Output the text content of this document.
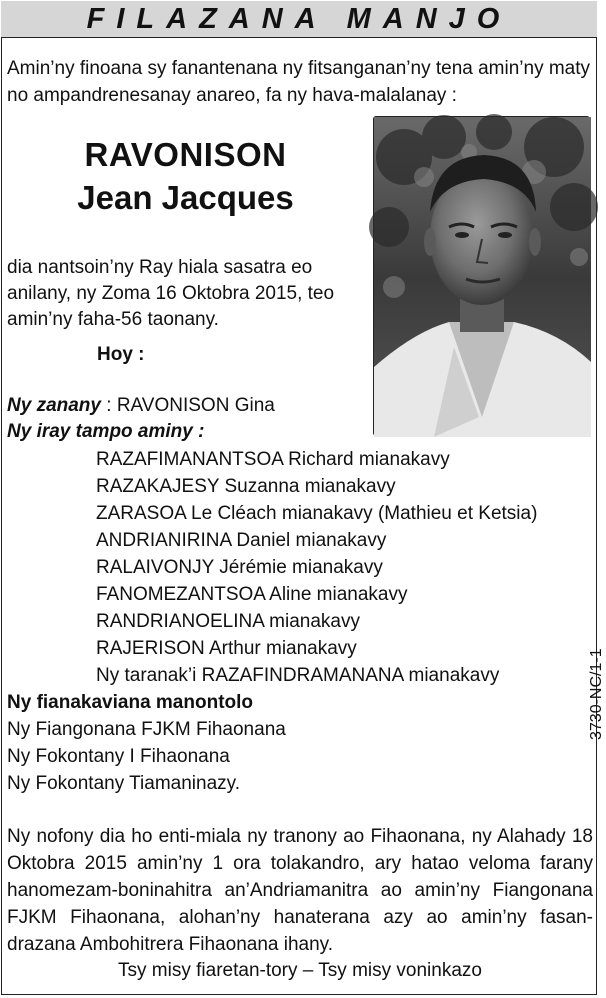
FILAZANA MANJO
Amin’ny finoana sy fanantenana ny fitsanganan’ny tena amin’ny maty no ampandrenesanay anareo, fa ny hava-malalanay :
RAVONISON
Jean Jacques
dia nantsoin’ny Ray hiala sasatra eo anilany, ny Zoma 16 Oktobra 2015, teo amin’ny faha-56 taonany.
Hoy :
Ny zanany : RAVONISON Gina
Ny iray tampo aminy :
RAZAFIMANANTSOA Richard mianakavy
RAZAKAJESY Suzanna mianakavy
ZARASOA Le Cléach mianakavy (Mathieu et Ketsia)
ANDRIANIRINA Daniel mianakavy
RALAIVONJY Jérémie mianakavy
FANOMEZANTSOA Aline mianakavy
RANDRIANOELINA mianakavy
RAJERISON Arthur mianakavy
Ny taranak’i RAZAFINDRAMANANA mianakavy
Ny fianakaviana manontolo
Ny Fiangonana FJKM Fihaonana
Ny Fokontany I Fihaonana
Ny Fokontany Tiamaninazy.
3730-NC/1-1
Ny nofony dia ho enti-miala ny tranony ao Fihaonana, ny Alahady 18 Oktobra 2015 amin’ny 1 ora tolakandro, ary hatao veloma farany hanomezam-boninahitra an’Andriamanitra ao amin’ny Fiangonana FJKM Fihaonana, alohan’ny hanaterana azy ao amin’ny fasan-drazana Ambohitrera Fihaonana ihany.
Tsy misy fiaretan-tory – Tsy misy voninkazo
